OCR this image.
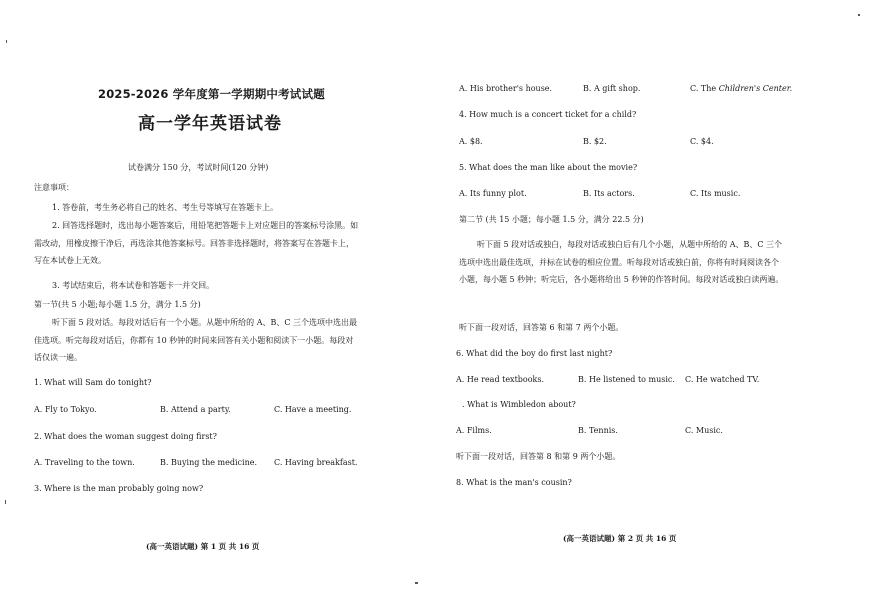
2025-2026 学年度第一学期期中考试试题
高一学年英语试卷
试卷满分 150 分，考试时间(120 分钟)
注意事项：
1. 答卷前，考生务必将自己的姓名、考生号等填写在答题卡上。
2. 回答选择题时，选出每小题答案后，用铅笔把答题卡上对应题目的答案标号涂黑。如需改动，用橡皮擦干净后，再选涂其他答案标号。回答非选择题时，将答案写在答题卡上，写在本试卷上无效。
3. 考试结束后，将本试卷和答题卡一并交回。
第一节(共 5 小题;每小题 1.5 分，满分 1.5 分)
听下面 5 段对话。每段对话后有一个小题。从题中所给的 A、B、C 三个选项中选出最佳选项。听完每段对话后，你都有 10 秒钟的时间来回答有关小题和阅读下一小题。每段对话仅读一遍。
1. What will Sam do tonight?
A. Fly to Tokyo.	B. Attend a party.	C. Have a meeting.
2. What does the woman suggest doing first?
A. Traveling to the town.	B. Buying the medicine. C. Having breakfast.
3. Where is the man probably going now?
(高一英语试题) 第 1 页 共 16 页
A. His brother's house.	B. A gift shop.	C. The Children's Center.
4. How much is a concert ticket for a child?
A. $8.	B. $2.	C. $4.
5. What does the man like about the movie?
A. Its funny plot.	B. Its actors.	C. Its music.
第二节 (共 15 小题；每小题 1.5 分，满分 22.5 分)
听下面 5 段对话或独白，每段对话或独白后有几个小题，从题中所给的 A、B、C 三个选项中选出最佳选项，并标在试卷的相应位置。听每段对话或独白前，你将有时间阅读各个小题，每小题 5 秒钟；听完后，各小题将给出 5 秒钟的作答时间。每段对话或独白读两遍。
听下面一段对话，回答第 6 和第 7 两个小题。
6. What did the boy do first last night?
A. He read textbooks.	B. He listened to music. C. He watched TV.
. What is Wimbledon about?
A. Films.	B. Tennis.	C. Music.
听下面一段对话，回答第 8 和第 9 两个小题。
8. What is the man's cousin?
(高一英语试题) 第 2 页 共 16 页
